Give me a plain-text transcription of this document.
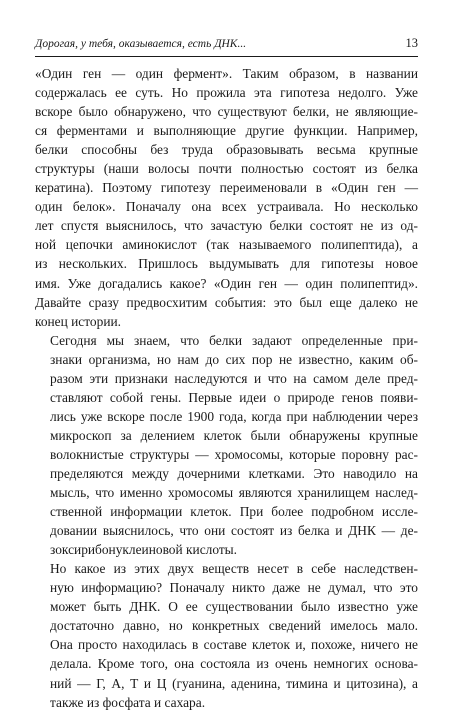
Дорогая, у тебя, оказывается, есть ДНК...	13
«Один ген — один фермент». Таким образом, в названии
содержалась ее суть. Но прожила эта гипотеза недолго. Уже
вскоре было обнаружено, что существуют белки, не являющие-
ся ферментами и выполняющие другие функции. Например,
белки способны без труда образовывать весьма крупные
структуры (наши волосы почти полностью состоят из белка
кератина). Поэтому гипотезу переименовали в «Один ген —
один белок». Поначалу она всех устраивала. Но несколько
лет спустя выяснилось, что зачастую белки состоят не из од-
ной цепочки аминокислот (так называемого полипептида), а
из нескольких. Пришлось выдумывать для гипотезы новое
имя. Уже догадались какое? «Один ген — один полипептид».
Давайте сразу предвосхитим события: это был еще далеко не
конец истории.
Сегодня мы знаем, что белки задают определенные при-
знаки организма, но нам до сих пор не известно, каким об-
разом эти признаки наследуются и что на самом деле пред-
ставляют собой гены. Первые идеи о природе генов появи-
лись уже вскоре после 1900 года, когда при наблюдении через
микроскоп за делением клеток были обнаружены крупные
волокнистые структуры — хромосомы, которые поровну рас-
пределяются между дочерними клетками. Это наводило на
мысль, что именно хромосомы являются хранилищем наслед-
ственной информации клеток. При более подробном иссле-
довании выяснилось, что они состоят из белка и ДНК — де-
зоксирибонуклеиновой кислоты.
Но какое из этих двух веществ несет в себе наследствен-
ную информацию? Поначалу никто даже не думал, что это
может быть ДНК. О ее существовании было известно уже
достаточно давно, но конкретных сведений имелось мало.
Она просто находилась в составе клеток и, похоже, ничего не
делала. Кроме того, она состояла из очень немногих основа-
ний — Г, А, Т и Ц (гуанина, аденина, тимина и цитозина), а
также из фосфата и сахара.
